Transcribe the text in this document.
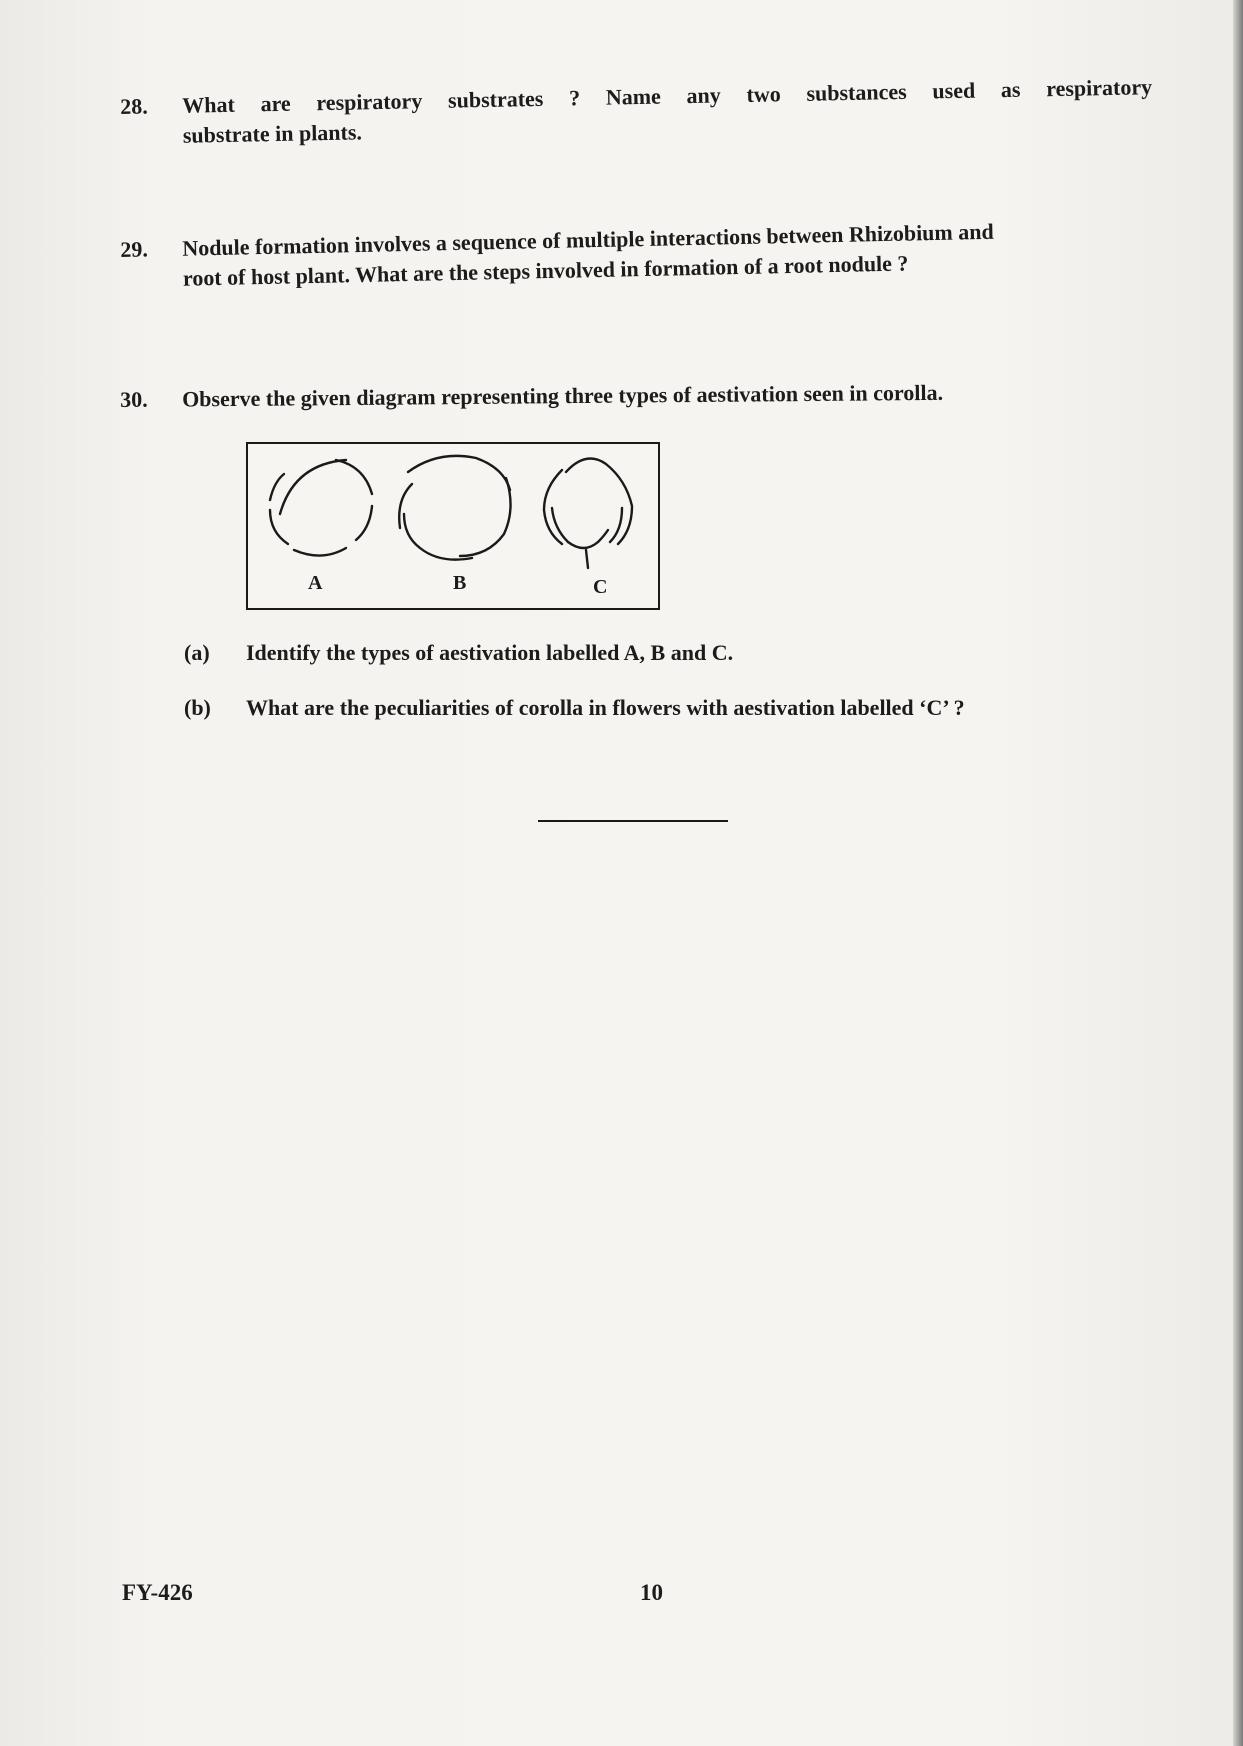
28. What are respiratory substrates ? Name any two substances used as respiratory
substrate in plants.
29. Nodule formation involves a sequence of multiple interactions between Rhizobium and
root of host plant. What are the steps involved in formation of a root nodule ?
30. Observe the given diagram representing three types of aestivation seen in corolla.
A	B	C
(a) Identify the types of aestivation labelled A, B and C.
(b) What are the peculiarities of corolla in flowers with aestivation labelled ‘C’ ?
FY-426	10
